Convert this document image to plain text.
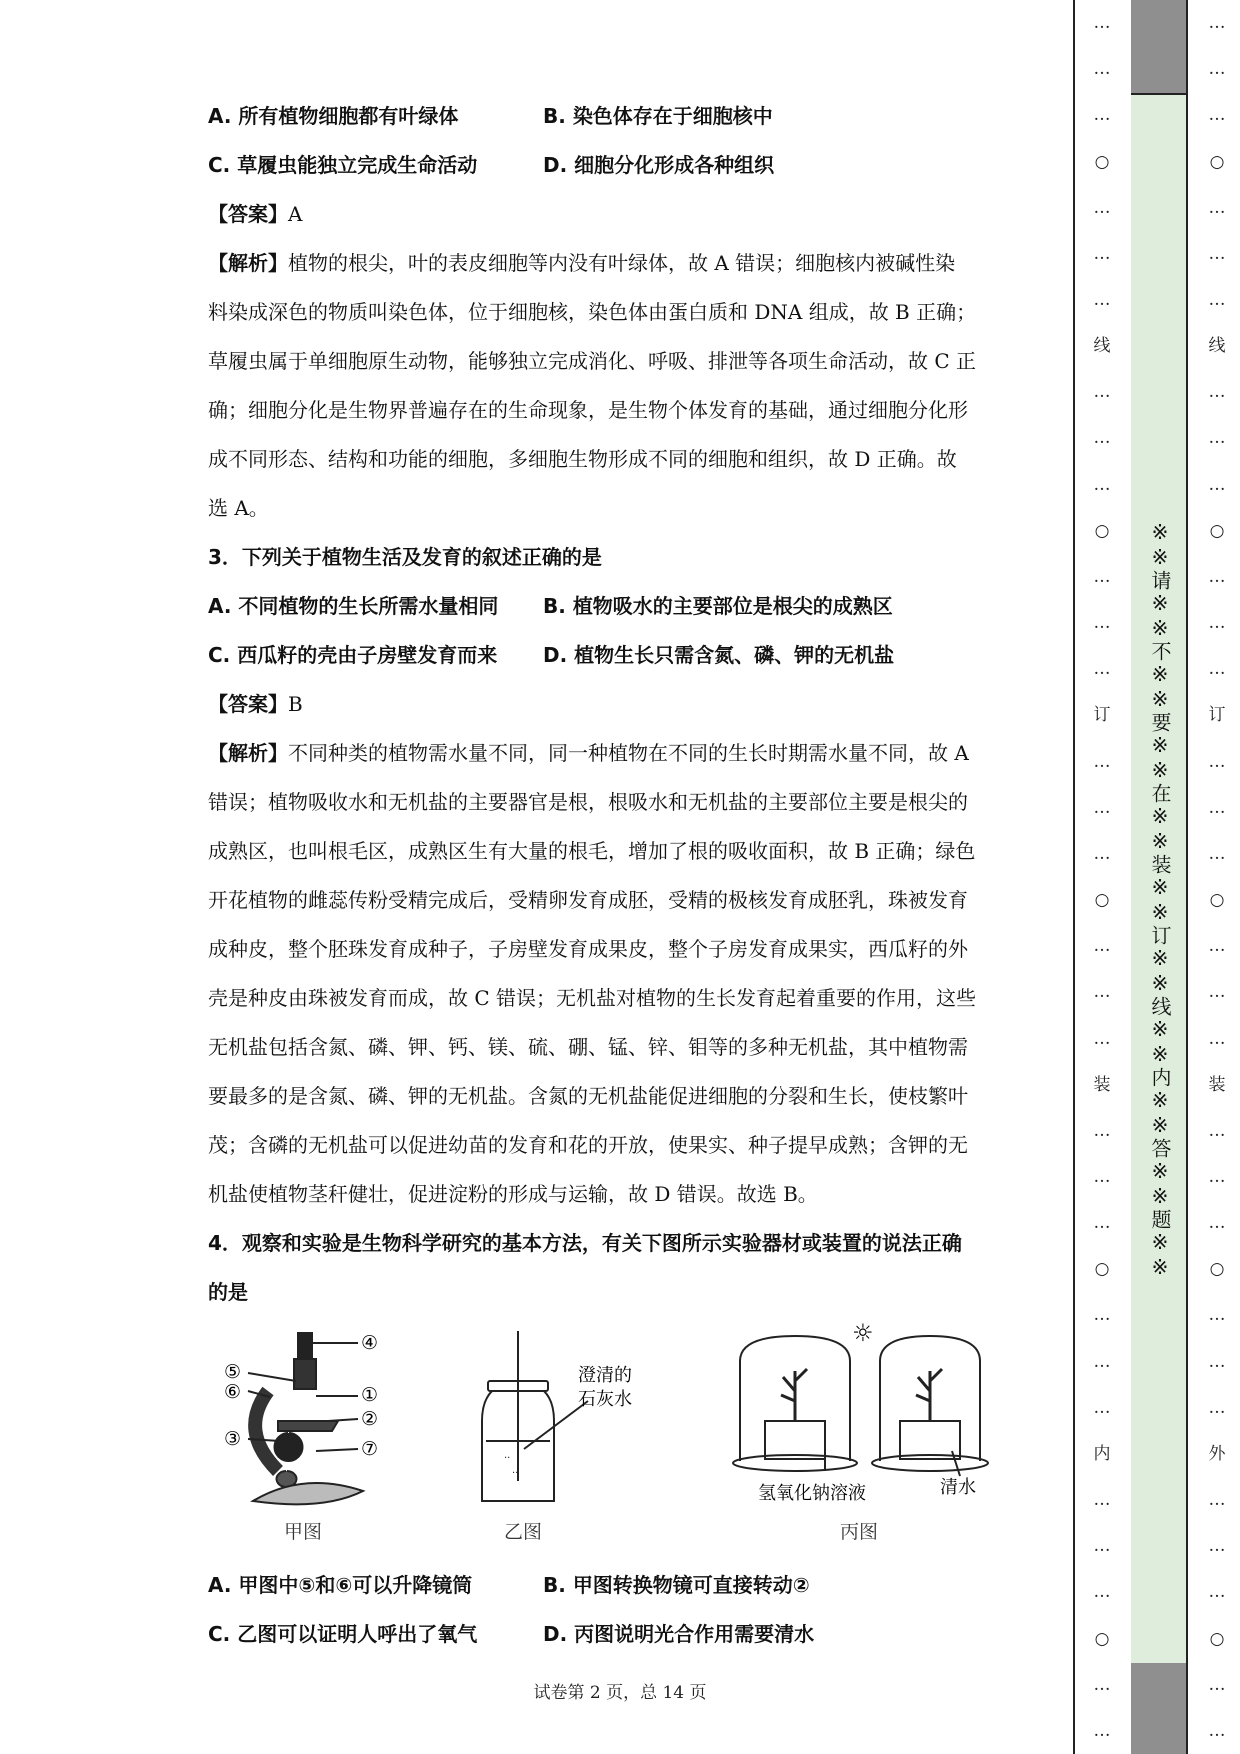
A. 所有植物细胞都有叶绿体	B. 染色体存在于细胞核中
C. 草履虫能独立完成生命活动	D. 细胞分化形成各种组织
【答案】A
【解析】植物的根尖，叶的表皮细胞等内没有叶绿体，故 A 错误；细胞核内被碱性染
料染成深色的物质叫染色体，位于细胞核，染色体由蛋白质和 DNA 组成，故 B 正确；
草履虫属于单细胞原生动物，能够独立完成消化、呼吸、排泄等各项生命活动，故 C 正
确；细胞分化是生物界普遍存在的生命现象，是生物个体发育的基础，通过细胞分化形
成不同形态、结构和功能的细胞，多细胞生物形成不同的细胞和组织，故 D 正确。故
选 A。
3．下列关于植物生活及发育的叙述正确的是
A. 不同植物的生长所需水量相同	B. 植物吸水的主要部位是根尖的成熟区
C. 西瓜籽的壳由子房壁发育而来	D. 植物生长只需含氮、磷、钾的无机盐
【答案】B
【解析】不同种类的植物需水量不同，同一种植物在不同的生长时期需水量不同，故 A
错误；植物吸收水和无机盐的主要器官是根，根吸水和无机盐的主要部位主要是根尖的
成熟区，也叫根毛区，成熟区生有大量的根毛，增加了根的吸收面积，故 B 正确；绿色
开花植物的雌蕊传粉受精完成后，受精卵发育成胚，受精的极核发育成胚乳，珠被发育
成种皮，整个胚珠发育成种子，子房壁发育成果皮，整个子房发育成果实，西瓜籽的外
壳是种皮由珠被发育而成，故 C 错误；无机盐对植物的生长发育起着重要的作用，这些
无机盐包括含氮、磷、钾、钙、镁、硫、硼、锰、锌、钼等的多种无机盐，其中植物需
要最多的是含氮、磷、钾的无机盐。含氮的无机盐能促进细胞的分裂和生长，使枝繁叶
茂；含磷的无机盐可以促进幼苗的发育和花的开放，使果实、种子提早成熟；含钾的无
机盐使植物茎秆健壮，促进淀粉的形成与运输，故 D 错误。故选 B。
4．观察和实验是生物科学研究的基本方法，有关下图所示实验器材或装置的说法正确
的是
④
⑤
⑥	①
②
③	⑦
甲图
··
··
澄清的
石灰水
乙图
☼
氢氧化钠溶液	清水
丙图
A. 甲图中⑤和⑥可以升降镜筒	B. 甲图转换物镜可直接转动②
C. 乙图可以证明人呼出了氧气	D. 丙图说明光合作用需要清水
试卷第 2 页，总 14 页
…
…
…
○
…
…
…
线
…
…
…
○
…
…
…
订
…
…
…
○
…
…
…
装
…
…
…
○
…
…
…
内
…
…
…
○
…
…
※※请※※不※※要※※在※※装※※订※※线※※内※※答※※题※※
…
…
…
○
…
…
…
线
…
…
…
○
…
…
…
订
…
…
…
○
…
…
…
装
…
…
…
○
…
…
…
外
…
…
…
○
…
…
